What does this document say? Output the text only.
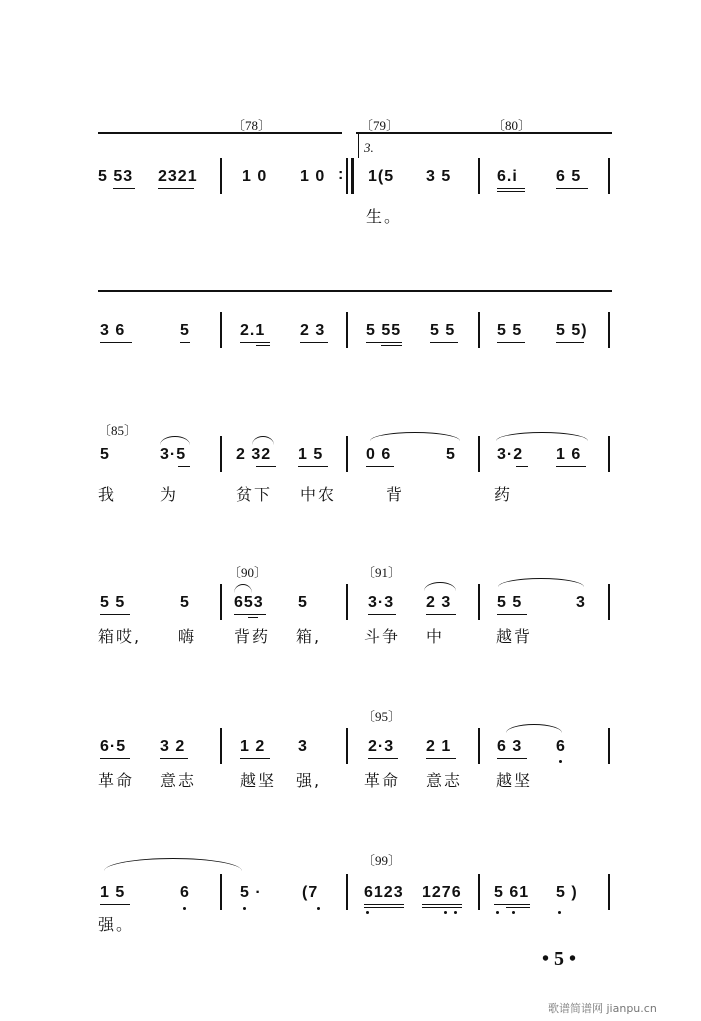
〔78〕	〔79〕	〔80〕
3.
5 53 2321	1 0 1 0 : 1(5 3 5	6.i 6 5
生。
3 6	5	2.1 2 3	5 55 5 5	5 5 5 5)
〔85〕
5	3·5	2 32 1 5	0 6	5	3·2 1 6
我	为	贫下 中农	背	药
〔90〕	〔91〕
5 5	5	653 5	3·3 2 3	5 5	3
箱哎, 嗨 背药 箱,	斗争 中	越背
〔95〕
6·5 3 2	1 2 3	2·3 2 1	6 3 6
革命 意志	越坚 强,	革命 意志 越坚
〔99〕
1 5	6	5 ·	(7	6123 1276 5 61 5 )
强。
• 5 •
歌谱简谱网 jianpu.cn
